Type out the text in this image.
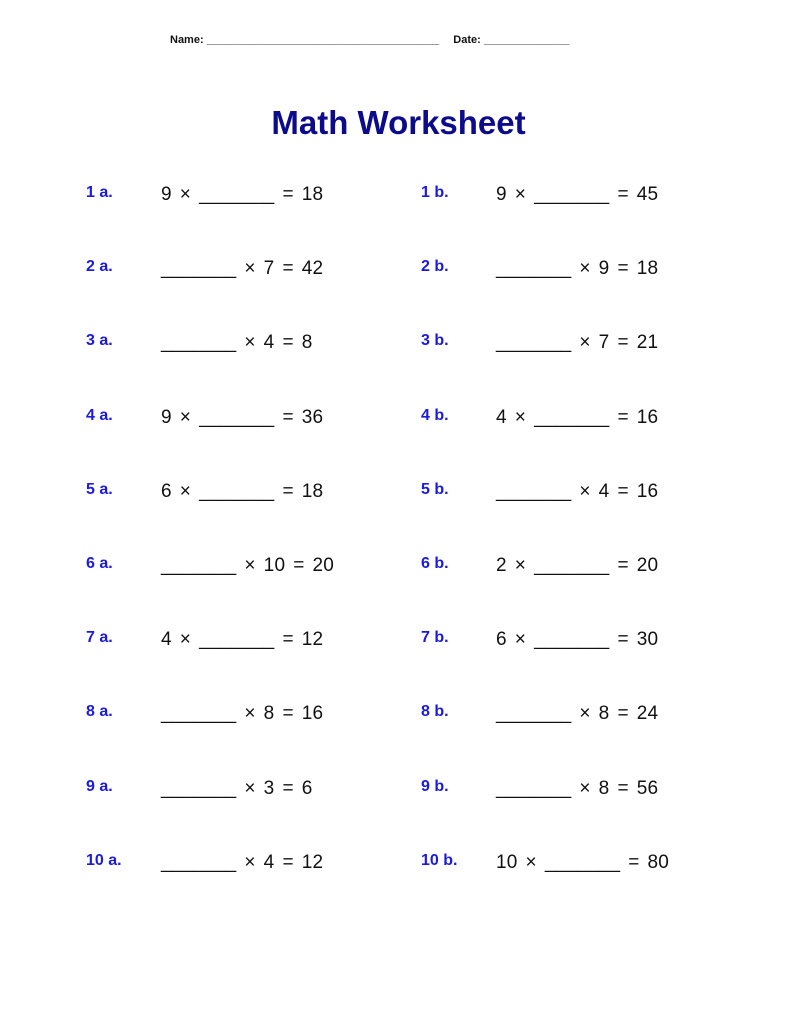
Name: ______________________________________ Date: ______________
Math Worksheet
1 a.	9 × _______ = 18
2 a.	_______ × 7 = 42
3 a.	_______ × 4 = 8
4 a.	9 × _______ = 36
5 a.	6 × _______ = 18
6 a.	_______ × 10 = 20
7 a.	4 × _______ = 12
8 a.	_______ × 8 = 16
9 a.	_______ × 3 = 6
10 a. _______ × 4 = 12
1 b. 9 × _______ = 45
2 b. _______ × 9 = 18
3 b. _______ × 7 = 21
4 b. 4 × _______ = 16
5 b. _______ × 4 = 16
6 b. 2 × _______ = 20
7 b. 6 × _______ = 30
8 b. _______ × 8 = 24
9 b. _______ × 8 = 56
10 b. 10 × _______ = 80
